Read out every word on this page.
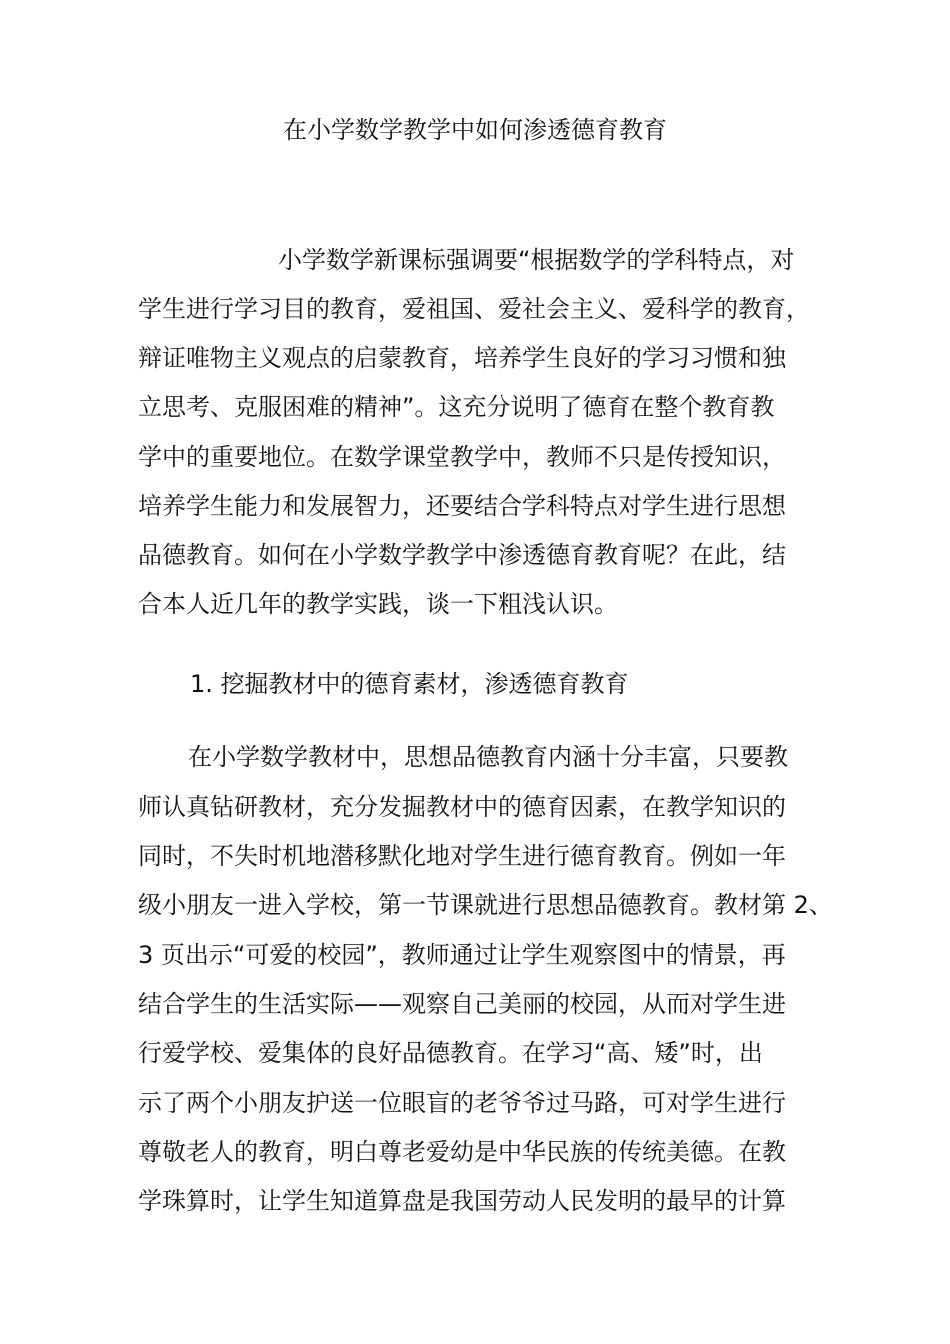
在小学数学教学中如何渗透德育教育
小学数学新课标强调要“根据数学的学科特点，对
学生进行学习目的教育，爱祖国、爱社会主义、爱科学的教育，
辩证唯物主义观点的启蒙教育，培养学生良好的学习习惯和独
立思考、克服困难的精神”。这充分说明了德育在整个教育教
学中的重要地位。在数学课堂教学中，教师不只是传授知识，
培养学生能力和发展智力，还要结合学科特点对学生进行思想
品德教育。如何在小学数学教学中渗透德育教育呢？在此，结
合本人近几年的教学实践，谈一下粗浅认识。
1. 挖掘教材中的德育素材，渗透德育教育
在小学数学教材中，思想品德教育内涵十分丰富，只要教
师认真钻研教材，充分发掘教材中的德育因素，在教学知识的
同时，不失时机地潜移默化地对学生进行德育教育。例如一年
级小朋友一进入学校，第一节课就进行思想品德教育。教材第 2、
3 页出示“可爱的校园”，教师通过让学生观察图中的情景，再
结合学生的生活实际——观察自己美丽的校园，从而对学生进
行爱学校、爱集体的良好品德教育。在学习“高、矮”时，出
示了两个小朋友护送一位眼盲的老爷爷过马路，可对学生进行
尊敬老人的教育，明白尊老爱幼是中华民族的传统美德。在教
学珠算时，让学生知道算盘是我国劳动人民发明的最早的计算
